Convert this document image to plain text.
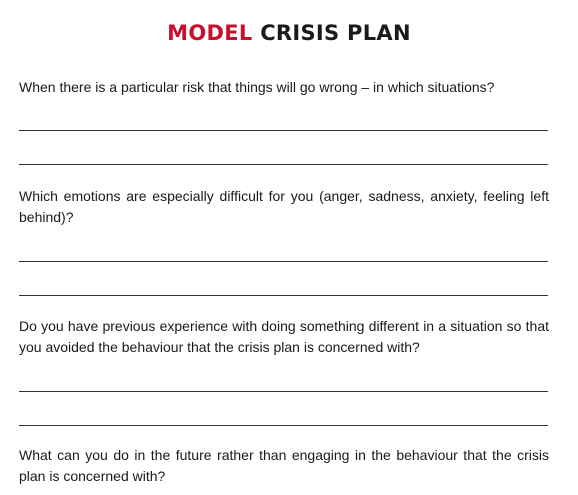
MODEL CRISIS PLAN
When there is a particular risk that things will go wrong – in which situations?
Which emotions are especially difficult for you (anger, sadness, anxiety, feeling left behind)?
Do you have previous experience with doing something different in a situation so that you avoided the behaviour that the crisis plan is concerned with?
What can you do in the future rather than engaging in the behaviour that the crisis plan is concerned with?
